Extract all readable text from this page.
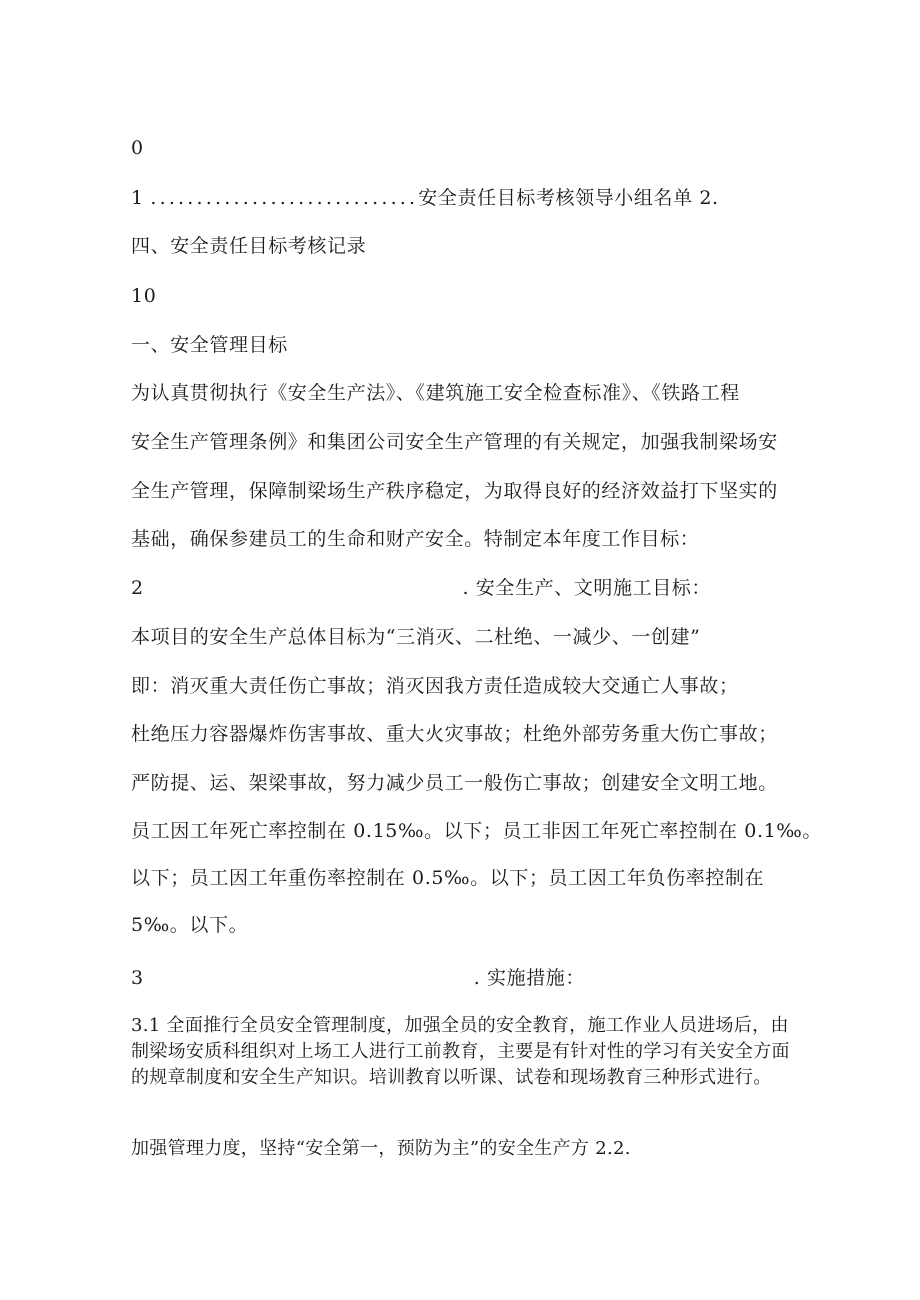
0
1 .............................安全责任目标考核领导小组名单 2.
四、安全责任目标考核记录
10
一、安全管理目标
为认真贯彻执行《安全生产法》、《建筑施工安全检查标准》、《铁路工程
安全生产管理条例》和集团公司安全生产管理的有关规定，加强我制梁场安
全生产管理，保障制梁场生产秩序稳定，为取得良好的经济效益打下坚实的
基础，确保参建员工的生命和财产安全。特制定本年度工作目标：
2	. 安全生产、文明施工目标：
本项目的安全生产总体目标为“三消灭、二杜绝、一减少、一创建”
即：消灭重大责任伤亡事故；消灭因我方责任造成较大交通亡人事故；
杜绝压力容器爆炸伤害事故、重大火灾事故；杜绝外部劳务重大伤亡事故；
严防提、运、架梁事故，努力减少员工一般伤亡事故；创建安全文明工地。
员工因工年死亡率控制在 0.15‰。以下；员工非因工年死亡率控制在 0.1‰。
以下；员工因工年重伤率控制在 0.5‰。以下；员工因工年负伤率控制在
5‰。以下。
3	. 实施措施：
3.1 全面推行全员安全管理制度，加强全员的安全教育，施工作业人员进场后，由制梁场安质科组织对上场工人进行工前教育，主要是有针对性的学习有关安全方面的规章制度和安全生产知识。培训教育以听课、试卷和现场教育三种形式进行。
加强管理力度，坚持“安全第一，预防为主”的安全生产方 2.2.
